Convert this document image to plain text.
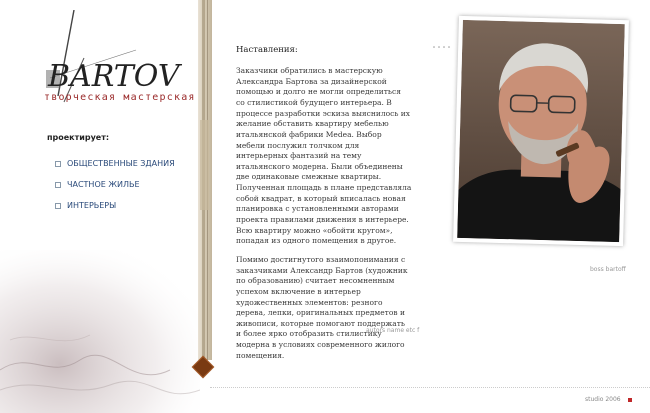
BARTOV
творческая мастерская
проектирует:
ОБЩЕСТВЕННЫЕ ЗДАНИЯ
ЧАСТНОЕ ЖИЛЬЕ
ИНТЕРЬЕРЫ
Наставления:

Заказчики обратились в мастерскую Александра Бартова за дизайнерской помощью и долго не могли определиться со стилистикой будущего интерьера. В процессе разработки эскиза выяснилось их желание обставить квартиру мебелью итальянской фабрики Medea. Выбор мебели послужил толчком для интерьерных фантазий на тему итальянского модерна. Были объединены две одинаковые смежные квартиры. Полученная площадь в плане представляла собой квадрат, в который вписалась новая планировка с установленными авторами проекта правилами движения в интерьере. Всю квартиру можно «обойти кругом», попадая из одного помещения в другое.

Помимо достигнутого взаимопонимания с заказчиками Александр Бартов (художник по образованию) считает несомненным успехом включение в интерьер художественных элементов: резного дерева, лепки, оригинальных предметов и живописи, которые помогают поддержать и более ярко отобразить стилистику модерна в условиях современного жилого помещения.

autors name etc f
boss bartoff
studio 2006
